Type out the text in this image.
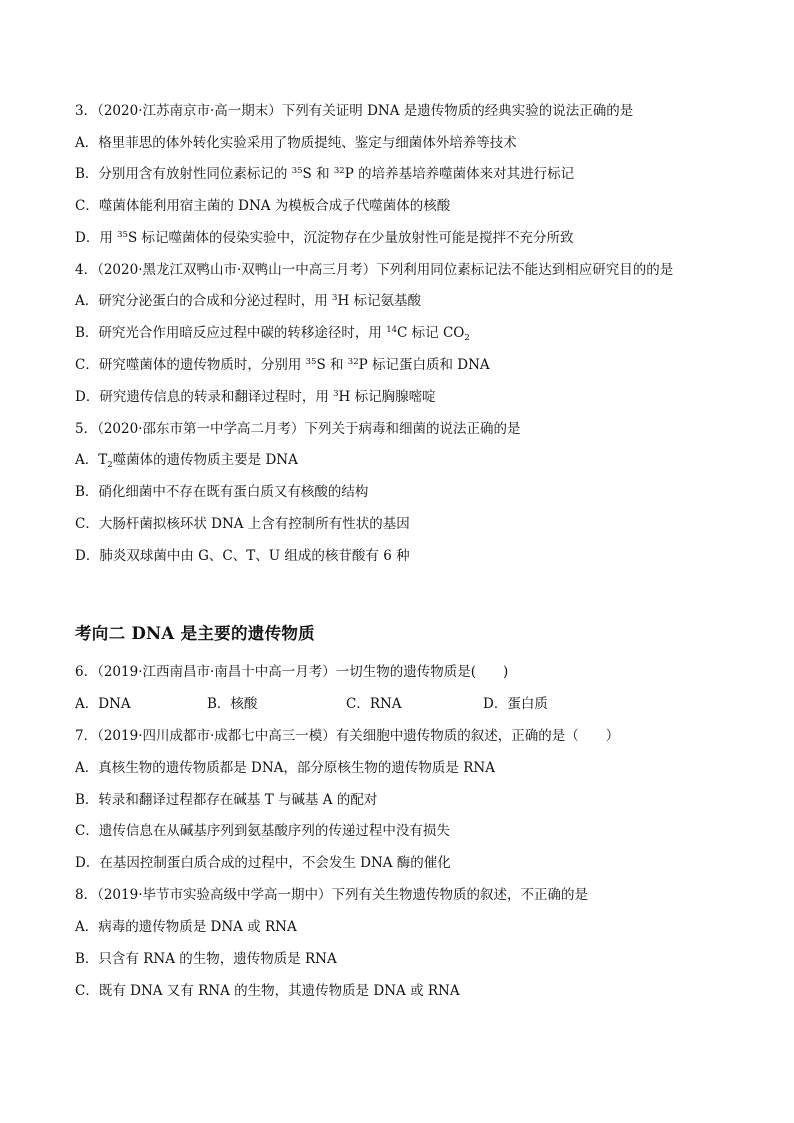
3．（2020·江苏南京市·高一期末）下列有关证明 DNA 是遗传物质的经典实验的说法正确的是
A．格里菲思的体外转化实验采用了物质提纯、鉴定与细菌体外培养等技术
B．分别用含有放射性同位素标记的 $^{35}$S 和 $^{32}$P 的培养基培养噬菌体来对其进行标记
C．噬菌体能利用宿主菌的 DNA 为模板合成子代噬菌体的核酸
D．用 $^{35}$S 标记噬菌体的侵染实验中，沉淀物存在少量放射性可能是搅拌不充分所致
4．（2020·黑龙江双鸭山市·双鸭山一中高三月考）下列利用同位素标记法不能达到相应研究目的的是
A．研究分泌蛋白的合成和分泌过程时，用 $^3$H 标记氨基酸
B．研究光合作用暗反应过程中碳的转移途径时，用 $^{14}$C 标记 $CO_2$
C．研究噬菌体的遗传物质时，分别用 $^{35}$S 和 $^{32}$P 标记蛋白质和 DNA
D．研究遗传信息的转录和翻译过程时，用 $^3$H 标记胸腺嘧啶
5．（2020·邵东市第一中学高二月考）下列关于病毒和细菌的说法正确的是
A．$T_2$噬菌体的遗传物质主要是 DNA
B．硝化细菌中不存在既有蛋白质又有核酸的结构
C．大肠杆菌拟核环状 DNA 上含有控制所有性状的基因
D．肺炎双球菌中由 G、C、T、U 组成的核苷酸有 6 种
考向二 DNA 是主要的遗传物质
6．（2019·江西南昌市·南昌十中高一月考）一切生物的遗传物质是(　　)
A．DNA	B．核酸	C．RNA	D．蛋白质
7．（2019·四川成都市·成都七中高三一模）有关细胞中遗传物质的叙述，正确的是（　　）
A．真核生物的遗传物质都是 DNA，部分原核生物的遗传物质是 RNA
B．转录和翻译过程都存在碱基 T 与碱基 A 的配对
C．遗传信息在从碱基序列到氨基酸序列的传递过程中没有损失
D．在基因控制蛋白质合成的过程中，不会发生 DNA 酶的催化
8．（2019·毕节市实验高级中学高一期中）下列有关生物遗传物质的叙述，不正确的是
A．病毒的遗传物质是 DNA 或 RNA
B．只含有 RNA 的生物，遗传物质是 RNA
C．既有 DNA 又有 RNA 的生物，其遗传物质是 DNA 或 RNA
